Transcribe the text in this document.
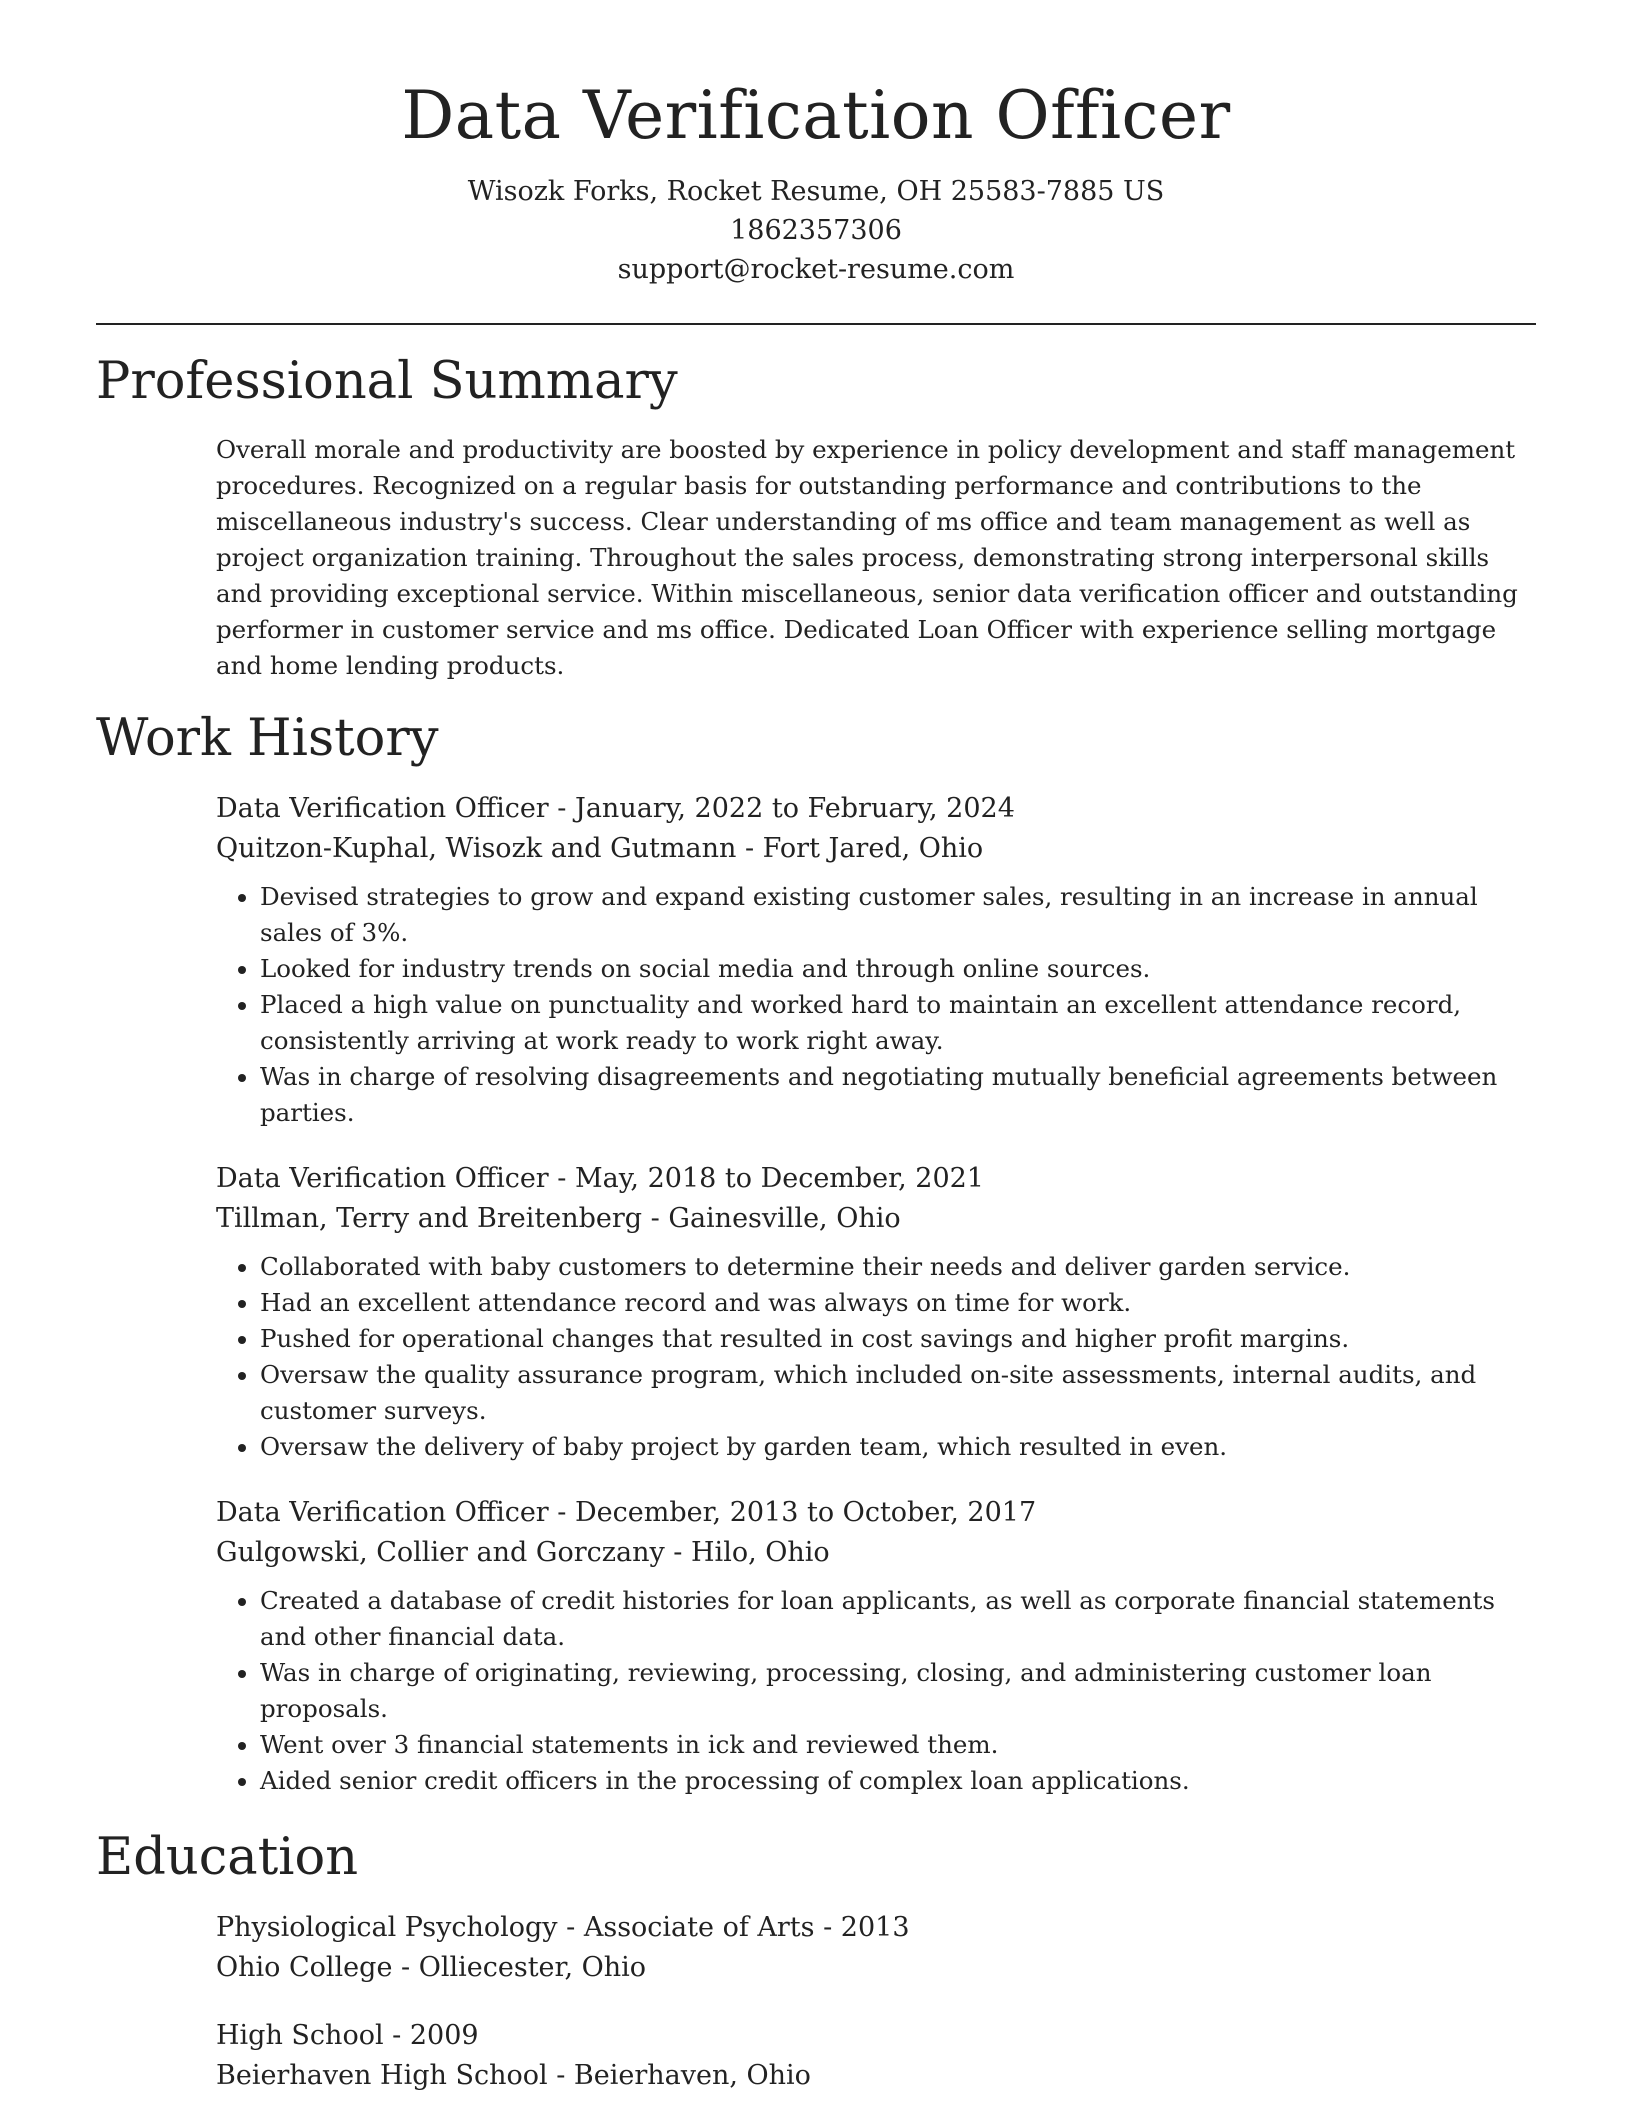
Data Verification Officer
Wisozk Forks, Rocket Resume, OH 25583-7885 US
1862357306
support@rocket-resume.com
Professional Summary

Overall morale and productivity are boosted by experience in policy development and staff management procedures. Recognized on a regular basis for outstanding performance and contributions to the miscellaneous industry's success. Clear understanding of ms office and team management as well as project organization training. Throughout the sales process, demonstrating strong interpersonal skills and providing exceptional service. Within miscellaneous, senior data verification officer and outstanding performer in customer service and ms office. Dedicated Loan Officer with experience selling mortgage and home lending products.

Work History
Data Verification Officer - January, 2022 to February, 2024
Quitzon-Kuphal, Wisozk and Gutmann - Fort Jared, Ohio
• Devised strategies to grow and expand existing customer sales, resulting in an increase in annual sales of 3%.
• Looked for industry trends on social media and through online sources.
• Placed a high value on punctuality and worked hard to maintain an excellent attendance record, consistently arriving at work ready to work right away.
• Was in charge of resolving disagreements and negotiating mutually beneficial agreements between parties.
Data Verification Officer - May, 2018 to December, 2021
Tillman, Terry and Breitenberg - Gainesville, Ohio
• Collaborated with baby customers to determine their needs and deliver garden service.
• Had an excellent attendance record and was always on time for work.
• Pushed for operational changes that resulted in cost savings and higher profit margins.
• Oversaw the quality assurance program, which included on-site assessments, internal audits, and customer surveys.
• Oversaw the delivery of baby project by garden team, which resulted in even.
Data Verification Officer - December, 2013 to October, 2017
Gulgowski, Collier and Gorczany - Hilo, Ohio
• Created a database of credit histories for loan applicants, as well as corporate financial statements and other financial data.
• Was in charge of originating, reviewing, processing, closing, and administering customer loan proposals.
• Went over 3 financial statements in ick and reviewed them.
• Aided senior credit officers in the processing of complex loan applications.
Education
Physiological Psychology - Associate of Arts - 2013
Ohio College - Olliecester, Ohio
High School - 2009
Beierhaven High School - Beierhaven, Ohio
